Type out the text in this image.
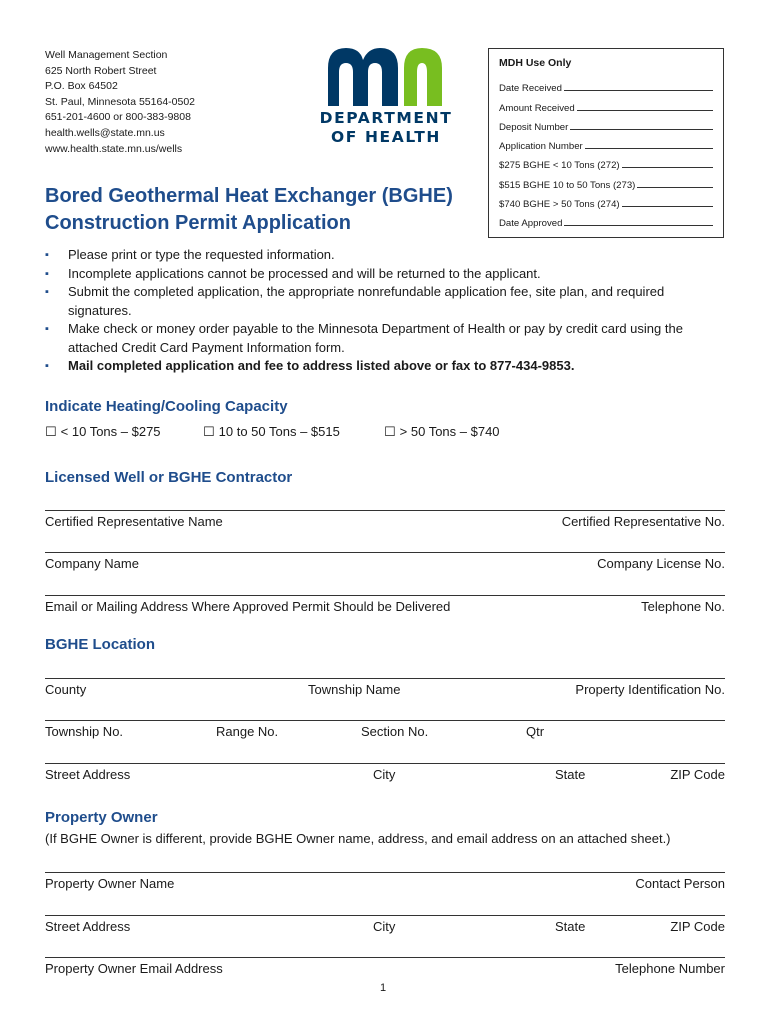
Well Management Section
625 North Robert Street
P.O. Box 64502
St. Paul, Minnesota 55164-0502
651-201-4600 or 800-383-9808
health.wells@state.mn.us
www.health.state.mn.us/wells
DEPARTMENT
OF HEALTH
MDH Use Only
Date Received
Amount Received
Deposit Number
Application Number
$275 BGHE < 10 Tons (272)
$515 BGHE 10 to 50 Tons (273)
$740 BGHE > 50 Tons (274)
Date Approved
Bored Geothermal Heat Exchanger (BGHE)
Construction Permit Application
▪ Please print or type the requested information.
▪ Incomplete applications cannot be processed and will be returned to the applicant.
▪ Submit the completed application, the appropriate nonrefundable application fee, site plan, and required signatures.
▪ Make check or money order payable to the Minnesota Department of Health or pay by credit card using the attached Credit Card Payment Information form.
▪ Mail completed application and fee to address listed above or fax to 877-434-9853.
Indicate Heating/Cooling Capacity
☐ < 10 Tons – $275	☐ 10 to 50 Tons – $515	☐ > 50 Tons – $740
Licensed Well or BGHE Contractor
Certified Representative Name	Certified Representative No.
Company Name	Company License No.
Email or Mailing Address Where Approved Permit Should be Delivered	Telephone No.
BGHE Location
County	Township Name	Property Identification No.
Township No.	Range No.	Section No.	Qtr
Street Address	City	State	ZIP Code
Property Owner
(If BGHE Owner is different, provide BGHE Owner name, address, and email address on an attached sheet.)
Property Owner Name	Contact Person
Street Address	City	State	ZIP Code
Property Owner Email Address	Telephone Number
1
